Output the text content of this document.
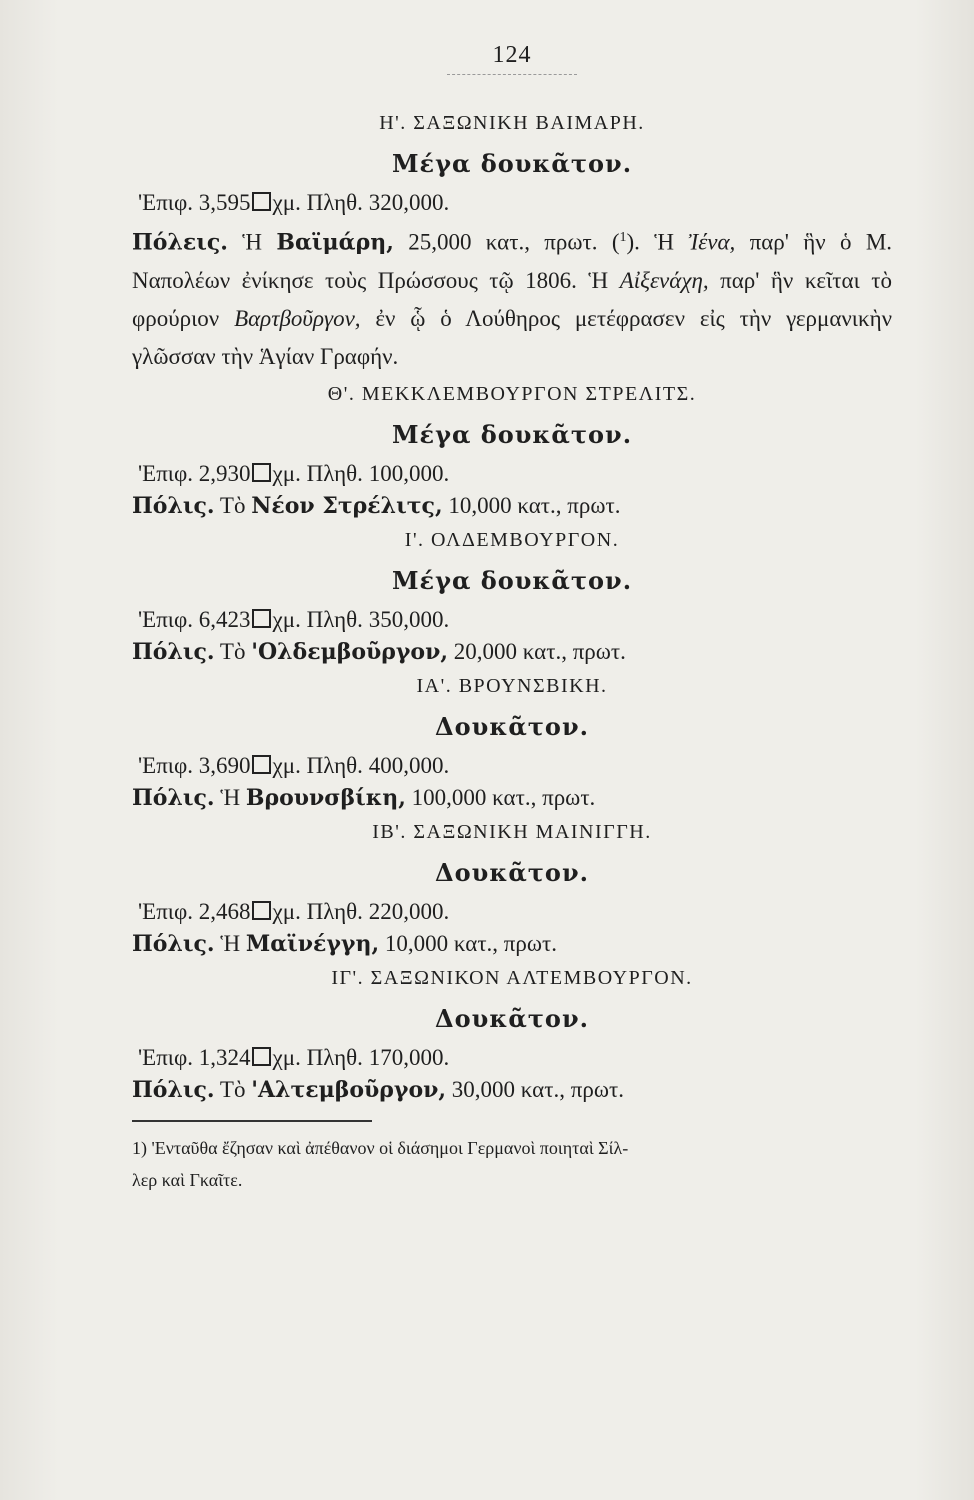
124
Η'. ΣΑΞΩΝΙΚΗ ΒΑΙΜΑΡΗ.
Μέγα δουκᾶτον.
'Επιφ. 3,595 χμ. Πληθ. 320,000.
Πόλεις. Ἡ Βαϊμάρη, 25,000 κατ., πρωτ. ($^1$). Ἡ Ἰένα, παρ' ἣν ὁ Μ. Ναπολέων ἐνίκησε τοὺς Πρώσσους τῷ 1806. Ἡ Αἰξενάχη, παρ' ἣν κεῖται τὸ φρούριον Βαρτβοῦργον, ἐν ᾧ ὁ Λούθηρος μετέφρασεν εἰς τὴν γερμανικὴν γλῶσσαν τὴν Ἁγίαν Γραφήν.
Θ'. ΜΕΚΚΛΕΜΒΟΥΡΓΟΝ ΣΤΡΕΛΙΤΣ.
Μέγα δουκᾶτον.
'Επιφ. 2,930 χμ. Πληθ. 100,000.
Πόλις. Τὸ Νέον Στρέλιτς, 10,000 κατ., πρωτ.
Ι'. ΟΛΔΕΜΒΟΥΡΓΟΝ.
Μέγα δουκᾶτον.
'Επιφ. 6,423 χμ. Πληθ. 350,000.
Πόλις. Τὸ 'Ολδεμβοῦργον, 20,000 κατ., πρωτ.
ΙΑ'. ΒΡΟΥΝΣΒΙΚΗ.
Δουκᾶτον.
'Επιφ. 3,690 χμ. Πληθ. 400,000.
Πόλις. Ἡ Βρουνσβίκη, 100,000 κατ., πρωτ.
ΙΒ'. ΣΑΞΩΝΙΚΗ ΜΑΙΝΙΓΓΗ.
Δουκᾶτον.
'Επιφ. 2,468 χμ. Πληθ. 220,000.
Πόλις. Ἡ Μαϊνέγγη, 10,000 κατ., πρωτ.
ΙΓ'. ΣΑΞΩΝΙΚΟΝ ΑΛΤΕΜΒΟΥΡΓΟΝ.
Δουκᾶτον.
'Επιφ. 1,324 χμ. Πληθ. 170,000.
Πόλις. Τὸ 'Αλτεμβοῦργον, 30,000 κατ., πρωτ.
1) 'Ενταῦθα ἔζησαν καὶ ἀπέθανον οἱ διάσημοι Γερμανοὶ ποιηταὶ Σίλ-
λερ καὶ Γκαῖτε.
